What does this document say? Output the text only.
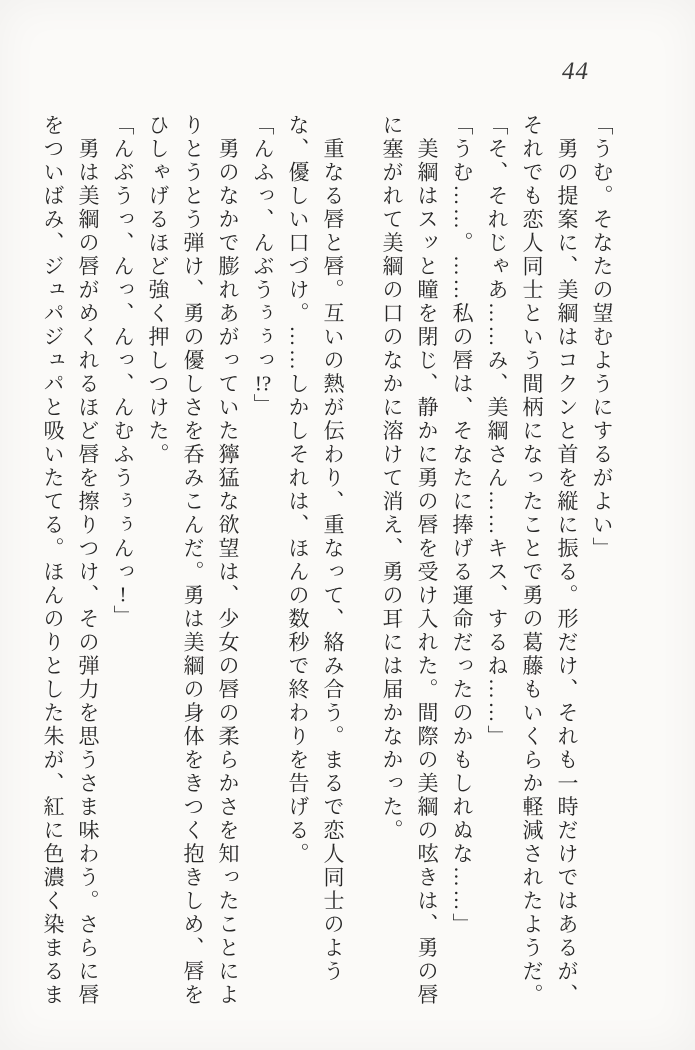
44

「うむ。そなたの望むようにするがよい」

　勇の提案に、美綱はコクンと首を縦に振る。形だけ、それも一時だけではあるが、それでも恋人同士という間柄になったことで勇の葛藤もいくらか軽減されたようだ。

「そ、それじゃあ……み、美綱さん……キス、するね……」

「うむ……。……私の唇は、そなたに捧げる運命だったのかもしれぬな……」

　美綱はスッと瞳を閉じ、静かに勇の唇を受け入れた。間際の美綱の呟きは、勇の唇に塞がれて美綱の口のなかに溶けて消え、勇の耳には届かなかった。

　重なる唇と唇。互いの熱が伝わり、重なって、絡み合う。まるで恋人同士のような、優しい口づけ。……しかしそれは、ほんの数秒で終わりを告げる。

「んふっ、んぶうぅぅっ!?」

　勇のなかで膨れあがっていた獰猛な欲望は、少女の唇の柔らかさを知ったことによりとうとう弾け、勇の優しさを呑みこんだ。勇は美綱の身体をきつく抱きしめ、唇をひしゃげるほど強く押しつけた。

「んぶうっ、んっ、んっ、んむふうぅぅんっ!」

　勇は美綱の唇がめくれるほど唇を擦りつけ、その弾力を思うさま味わう。さらに唇をついばみ、ジュパジュパと吸いたてる。ほんのりとした朱が、紅に色濃く染まるま
